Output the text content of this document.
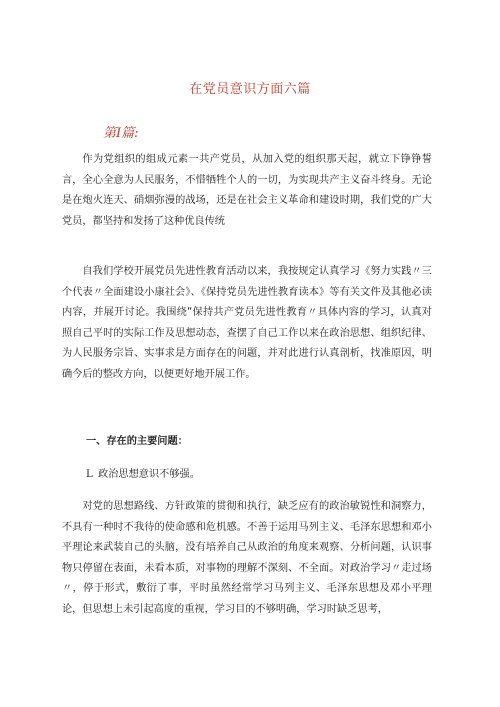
在党员意识方面六篇
第Ⅰ篇:

作为党组织的组成元素一共产党员，从加入党的组织那天起，就立下铮铮誓言，全心全意为人民服务，不惜牺牲个人的一切，为实现共产主义奋斗终身。无论是在炮火连天、硝烟弥漫的战场，还是在社会主义革命和建设时期，我们党的广大党员，都坚持和发扬了这种优良传统

自我们学校开展党员先进性教育活动以来，我按规定认真学习《努力实践〃三个代表〃全面建设小康社会》、《保持党员先进性教育读本》等有关文件及其他必读内容，并展开讨论。我围绕“保持共产党员先进性教育〃具体内容的学习，认真对照自己平时的实际工作及思想动态，查摆了自己工作以来在政治思想、组织纪律、为人民服务宗旨、实事求是方面存在的问题，并对此进行认真剖析，找准原因，明确今后的整改方向，以便更好地开展工作。

一、存在的主要问题：
L 政治思想意识不够强。

对党的思想路线、方针政策的贯彻和执行，缺乏应有的政治敏锐性和洞察力，不具有一种时不我待的使命感和危机感。不善于运用马列主义、毛泽东思想和邓小平理论来武装自己的头脑，没有培养自己从政治的角度来观察、分析问题，认识事物只停留在表面，未看本质，对事物的理解不深刻、不全面。对政治学习〃走过场〃，停于形式，敷衍了事，平时虽然经常学习马列主义、毛泽东思想及邓小平理论，但思想上未引起高度的重视，学习目的不够明确，学习时缺乏思考，
